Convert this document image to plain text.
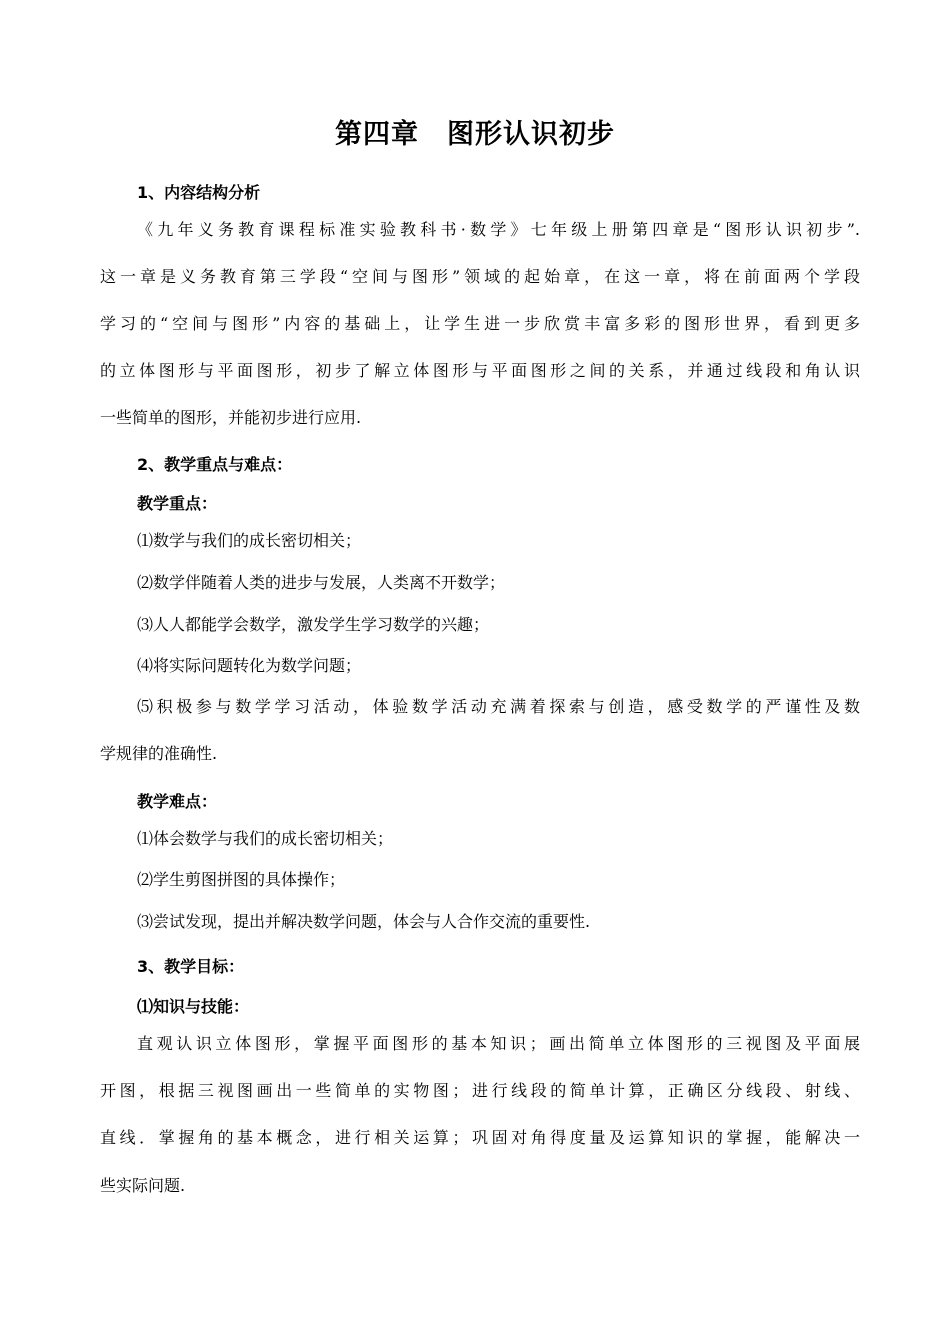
第四章　图形认识初步
1、内容结构分析
《九年义务教育课程标准实验教科书·数学》七年级上册第四章是“图形认识初步”.
这一章是义务教育第三学段“空间与图形”领域的起始章，在这一章，将在前面两个学段
学习的“空间与图形”内容的基础上，让学生进一步欣赏丰富多彩的图形世界，看到更多
的立体图形与平面图形，初步了解立体图形与平面图形之间的关系，并通过线段和角认识
一些简单的图形，并能初步进行应用.
2、教学重点与难点：
教学重点：
⑴数学与我们的成长密切相关；
⑵数学伴随着人类的进步与发展，人类离不开数学；
⑶人人都能学会数学，激发学生学习数学的兴趣；
⑷将实际问题转化为数学问题；
⑸积极参与数学学习活动，体验数学活动充满着探索与创造，感受数学的严谨性及数
学规律的准确性.
教学难点：
⑴体会数学与我们的成长密切相关；
⑵学生剪图拼图的具体操作；
⑶尝试发现，提出并解决数学问题，体会与人合作交流的重要性.
3、教学目标：
⑴知识与技能：
直观认识立体图形，掌握平面图形的基本知识；画出简单立体图形的三视图及平面展
开图，根据三视图画出一些简单的实物图；进行线段的简单计算，正确区分线段、射线、
直线．掌握角的基本概念，进行相关运算；巩固对角得度量及运算知识的掌握，能解决一
些实际问题.
